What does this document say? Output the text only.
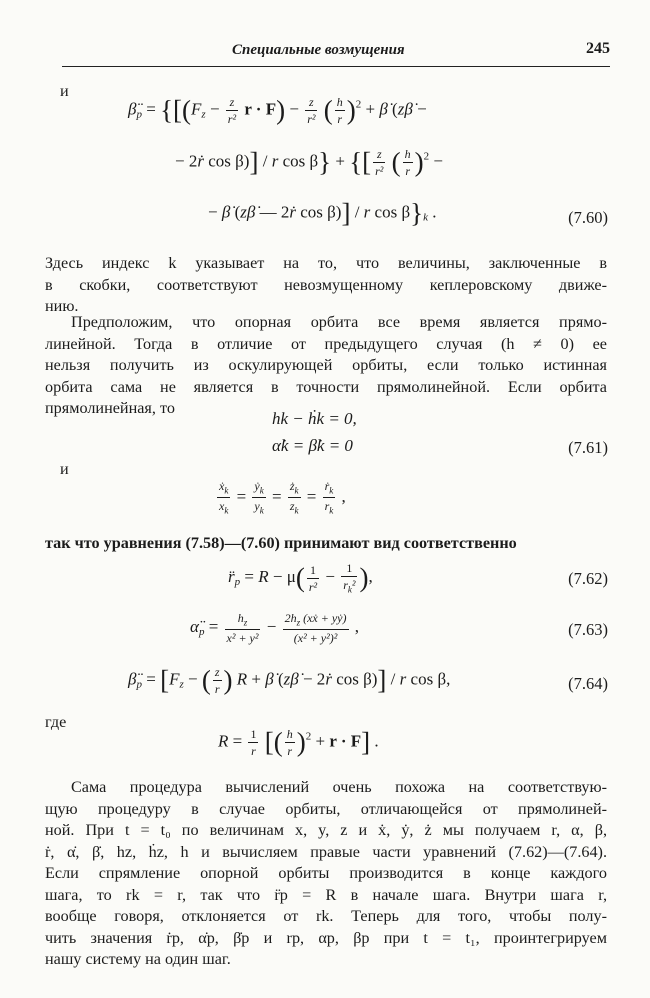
Специальные возмущения	245
и
$\betä_p = \{[(F_z - \frac{z}{\text{r²}}$ $r \cdot F) - \frac{z}{\text{r²}}$ ( $\frac{h}{r} )^2$ + β̇ (zβ̇ −
− 2ṙ cos β)] / r cos β} + {[ $\frac{z}{\text{r²}}$ ( $\frac{h}{r} )^2$ −
− β̇ (zβ̇ — 2ṙ cos β)] / r $\cos \beta\}_k$ .	(7.60)
Здесь индекс k указывает на то, что величины, заключенные в
в скобки, соответствуют невозмущенному кеплеровскому движе-
нию.
Предположим, что опорная орбита все время является прямо-
линейной. Тогда в отличие от предыдущего случая (h ≠ 0) ее
нельзя получить из оскулирующей орбиты, если только истинная
орбита сама не является в точности прямолинейной. Если орбита
прямолинейная, то
hk − ḣk = 0,
α̇k = β̇k = 0	(7.61)
и
$\frac{ẋ_k}{x_k} = \frac{ẏ_k}{y_k} = \frac{ż_k}{z_k} = \frac{ṙ_k}{r_k}$ ,
так что уравнения (7.58)—(7.60) принимают вид соответственно
$r̈_p = R - \mu( \frac{1}{\text{r²}} - \frac{1}{r_k^2}$ ),	(7.62)
$\alphä_p = \frac{h_z}{\text{x² + y²}} - \frac{2h_z (xẋ + yẏ)}{\text{(x² + y²)²}}$ ,	(7.63)
$\betä_p = [F_z$ − ( $\frac{z}{r}$ ) R + β̇ (zβ̇ − 2ṙ cos β)] / r cos β,	(7.64)
где
$R = \frac{1}{r}$ [( $\frac{h}{r} )^2 + r \cdot F$] .
Сама процедура вычислений очень похожа на соответствую-
щую процедуру в случае орбиты, отличающейся от прямолиней-
ной. При t = t₀ по величинам x, y, z и ẋ, ẏ, ż мы получаем r, α, β,
ṙ, α̇, β̇, hz, ḣz, h и вычисляем правые части уравнений (7.62)—(7.64).
Если спрямление опорной орбиты производится в конце каждого
шага, то rk = r, так что r̈p = R в начале шага. Внутри шага r,
вообще говоря, отклоняется от rk. Теперь для того, чтобы полу-
чить значения ṙp, α̇p, β̇p и rp, αp, βp при t = t₁, проинтегрируем
нашу систему на один шаг.
